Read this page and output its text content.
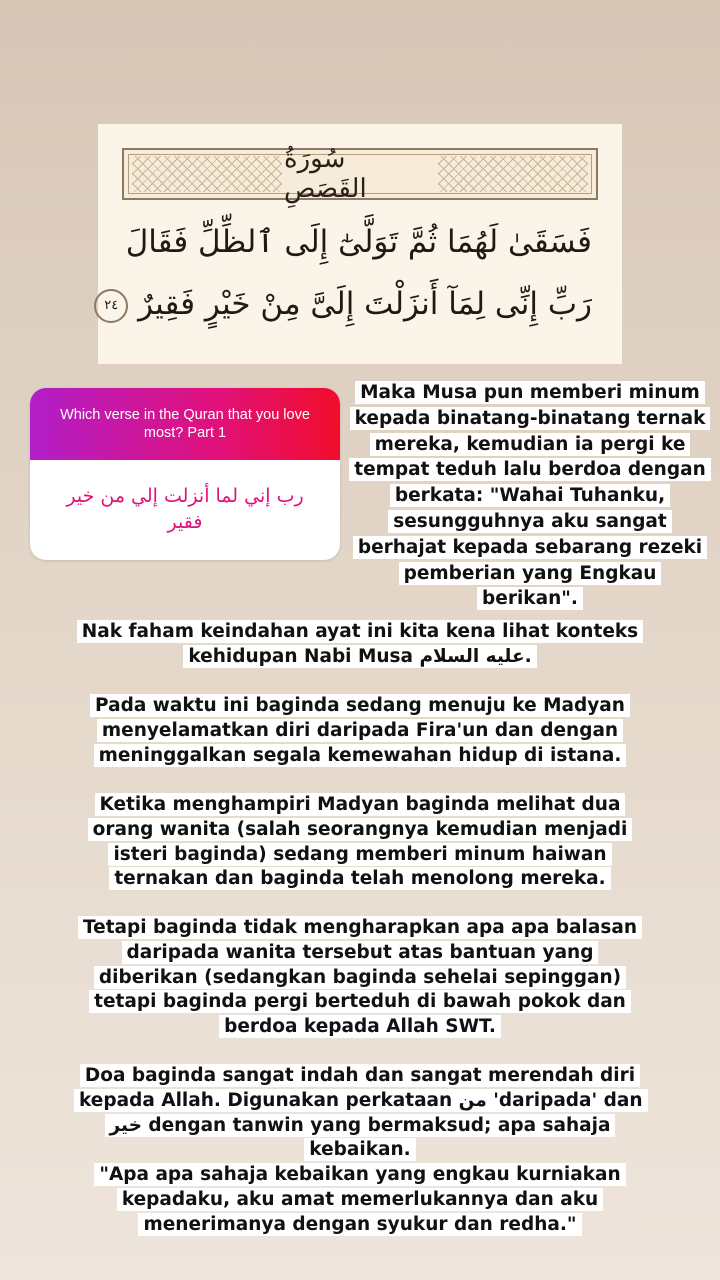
سُورَةُ القَصَصِ
فَسَقَىٰ لَهُمَا ثُمَّ تَوَلَّىٰٓ إِلَى ٱلظِّلِّ فَقَالَ
رَبِّ إِنِّى لِمَآ أَنزَلْتَ إِلَىَّ مِنْ خَيْرٍ فَقِيرٌ ٢٤
Which verse in the Quran that you love most? Part 1
رب إني لما أنزلت إلي من خير فقير
Maka Musa pun memberi minum kepada binatang-binatang ternak mereka, kemudian ia pergi ke tempat teduh lalu berdoa dengan berkata: "Wahai Tuhanku, sesungguhnya aku sangat berhajat kepada sebarang rezeki pemberian yang Engkau berikan".
Nak faham keindahan ayat ini kita kena lihat konteks kehidupan Nabi Musa عليه السلام.
Pada waktu ini baginda sedang menuju ke Madyan menyelamatkan diri daripada Fira'un dan dengan meninggalkan segala kemewahan hidup di istana.
Ketika menghampiri Madyan baginda melihat dua orang wanita (salah seorangnya kemudian menjadi isteri baginda) sedang memberi minum haiwan ternakan dan baginda telah menolong mereka.
Tetapi baginda tidak mengharapkan apa apa balasan daripada wanita tersebut atas bantuan yang diberikan (sedangkan baginda sehelai sepinggan) tetapi baginda pergi berteduh di bawah pokok dan berdoa kepada Allah SWT.
Doa baginda sangat indah dan sangat merendah diri kepada Allah. Digunakan perkataan من 'daripada' dan خير dengan tanwin yang bermaksud; apa sahaja kebaikan.
"Apa apa sahaja kebaikan yang engkau kurniakan kepadaku, aku amat memerlukannya dan aku menerimanya dengan syukur dan redha."
